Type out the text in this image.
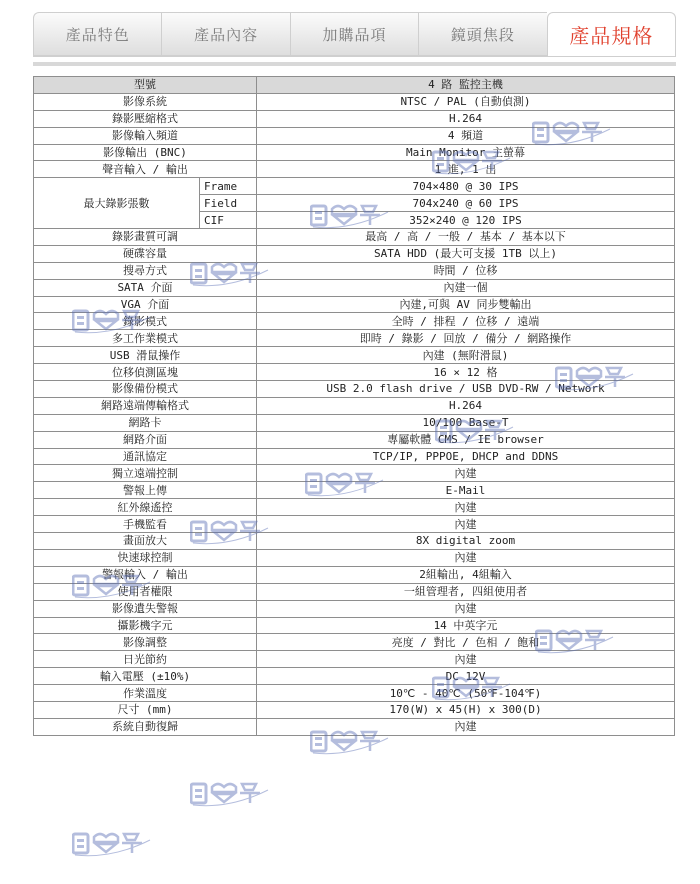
產品特色	產品內容	加購品項	鏡頭焦段	產品規格
型號		4 路 監控主機
影像系統		NTSC / PAL (自動偵測)
錄影壓縮格式		H.264
影像輸入頻道		4 頻道
影像輸出 (BNC)		Main Monitor 主螢幕
聲音輸入 / 輸出		1 進, 1 出
最大錄影張數	Frame	704×480 @ 30 IPS
	Field	704x240 @ 60 IPS
	CIF	352×240 @ 120 IPS
錄影畫質可調		最高 / 高 / 一般 / 基本 / 基本以下
硬碟容量		SATA HDD (最大可支援 1TB 以上)
搜尋方式		時間 / 位移
SATA 介面		內建一個
VGA 介面		內建,可與 AV 同步雙輸出
錄影模式		全時 / 排程 / 位移 / 遠端
多工作業模式		即時 / 錄影 / 回放 / 備分 / 網路操作
USB 滑鼠操作		內建 (無附滑鼠)
位移偵測區塊		16 × 12 格
影像備份模式		USB 2.0 flash drive / USB DVD-RW / Network
網路遠端傳輸格式		H.264
網路卡		10/100 Base-T
網路介面		專屬軟體 CMS / IE browser
通訊協定		TCP/IP, PPPOE, DHCP and DDNS
獨立遠端控制		內建
警報上傳		E-Mail
紅外線遙控		內建
手機監看		內建
畫面放大		8X digital zoom
快速球控制		內建
警報輸入 / 輸出		2組輸出, 4組輸入
使用者權限		一組管理者, 四組使用者
影像遺失警報		內建
攝影機字元		14 中英字元
影像調整		亮度 / 對比 / 色相 / 飽和
日光節約		內建
輸入電壓 (±10%)		DC 12V
作業溫度		10℃ - 40℃ (50℉-104℉)
尺寸 (mm)		170(W) x 45(H) x 300(D)
系統自動復歸		內建
